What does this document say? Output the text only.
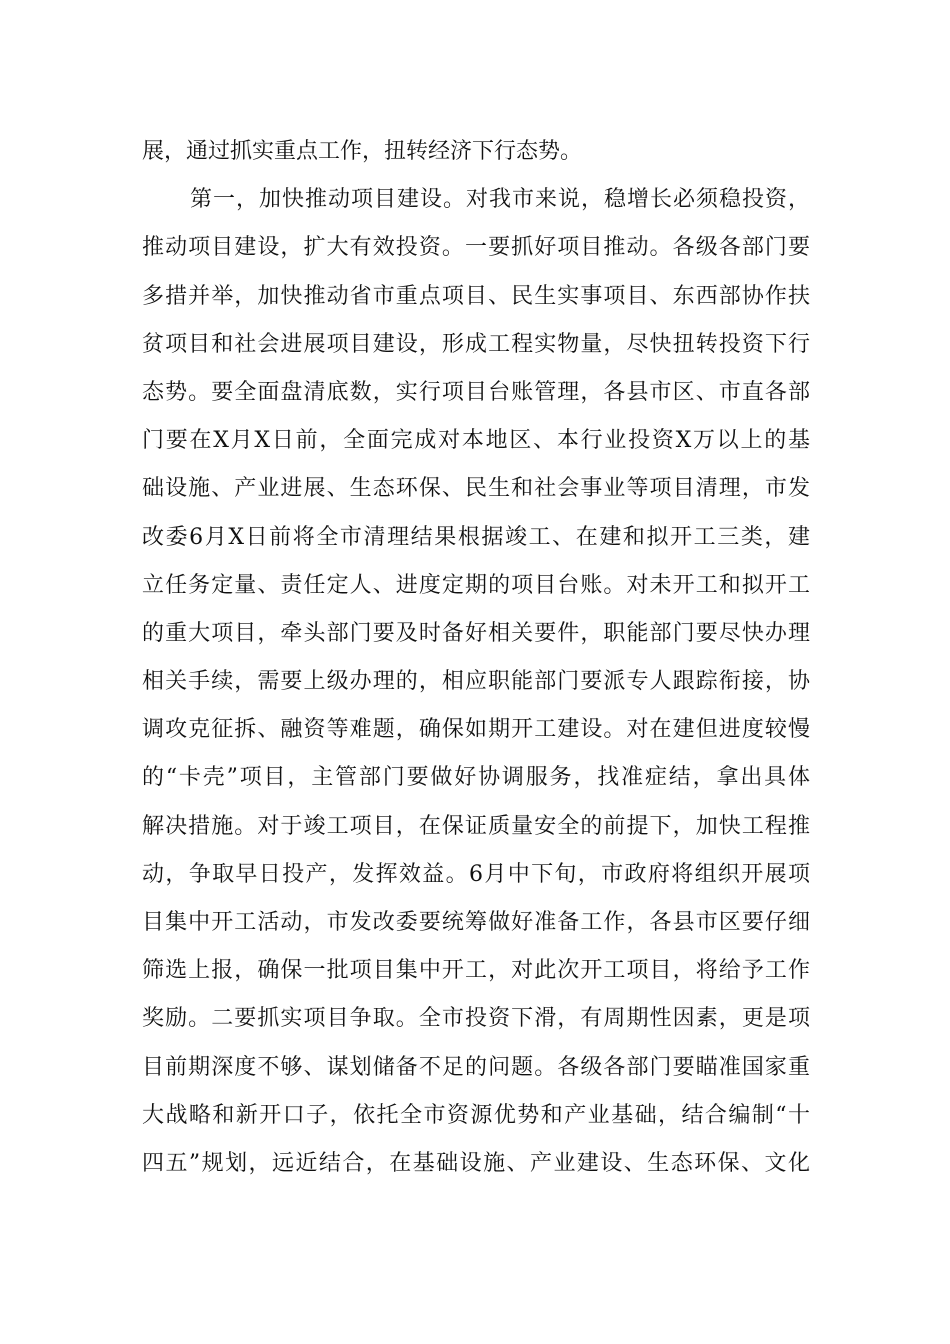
展，通过抓实重点工作，扭转经济下行态势。
第一，加快推动项目建设。对我市来说，稳增长必须稳投资，
推动项目建设，扩大有效投资。一要抓好项目推动。各级各部门要
多措并举，加快推动省市重点项目、民生实事项目、东西部协作扶
贫项目和社会进展项目建设，形成工程实物量，尽快扭转投资下行
态势。要全面盘清底数，实行项目台账管理，各县市区、市直各部
门要在X月X日前，全面完成对本地区、本行业投资X万以上的基
础设施、产业进展、生态环保、民生和社会事业等项目清理，市发
改委6月X日前将全市清理结果根据竣工、在建和拟开工三类，建
立任务定量、责任定人、进度定期的项目台账。对未开工和拟开工
的重大项目，牵头部门要及时备好相关要件，职能部门要尽快办理
相关手续，需要上级办理的，相应职能部门要派专人跟踪衔接，协
调攻克征拆、融资等难题，确保如期开工建设。对在建但进度较慢
的“卡壳”项目，主管部门要做好协调服务，找准症结，拿出具体
解决措施。对于竣工项目，在保证质量安全的前提下，加快工程推
动，争取早日投产，发挥效益。6月中下旬，市政府将组织开展项
目集中开工活动，市发改委要统筹做好准备工作，各县市区要仔细
筛选上报，确保一批项目集中开工，对此次开工项目，将给予工作
奖励。二要抓实项目争取。全市投资下滑，有周期性因素，更是项
目前期深度不够、谋划储备不足的问题。各级各部门要瞄准国家重
大战略和新开口子，依托全市资源优势和产业基础，结合编制“十
四五”规划，远近结合，在基础设施、产业建设、生态环保、文化
